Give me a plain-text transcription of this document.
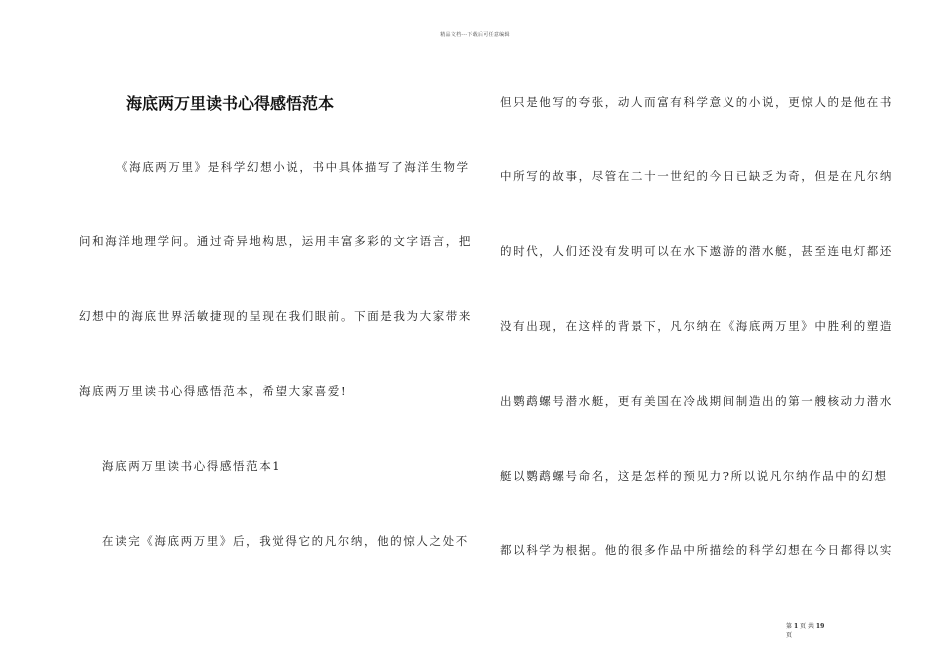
精品文档---下载后可任意编辑
海底两万里读书心得感悟范本
《海底两万里》是科学幻想小说，书中具体描写了海洋生物学
问和海洋地理学问。通过奇异地构思，运用丰富多彩的文字语言，把
幻想中的海底世界活敏捷现的呈现在我们眼前。下面是我为大家带来
海底两万里读书心得感悟范本，希望大家喜爱!
海底两万里读书心得感悟范本1
在读完《海底两万里》后，我觉得它的凡尔纳，他的惊人之处不
但只是他写的夸张，动人而富有科学意义的小说，更惊人的是他在书
中所写的故事，尽管在二十一世纪的今日已缺乏为奇，但是在凡尔纳
的时代，人们还没有发明可以在水下遨游的潜水艇，甚至连电灯都还
没有出现，在这样的背景下，凡尔纳在《海底两万里》中胜利的塑造
出鹦鹉螺号潜水艇，更有美国在冷战期间制造出的第一艘核动力潜水
艇以鹦鹉螺号命名，这是怎样的预见力?所以说凡尔纳作品中的幻想
都以科学为根据。他的很多作品中所描绘的科学幻想在今日都得以实
第 1 页 共 19
页
